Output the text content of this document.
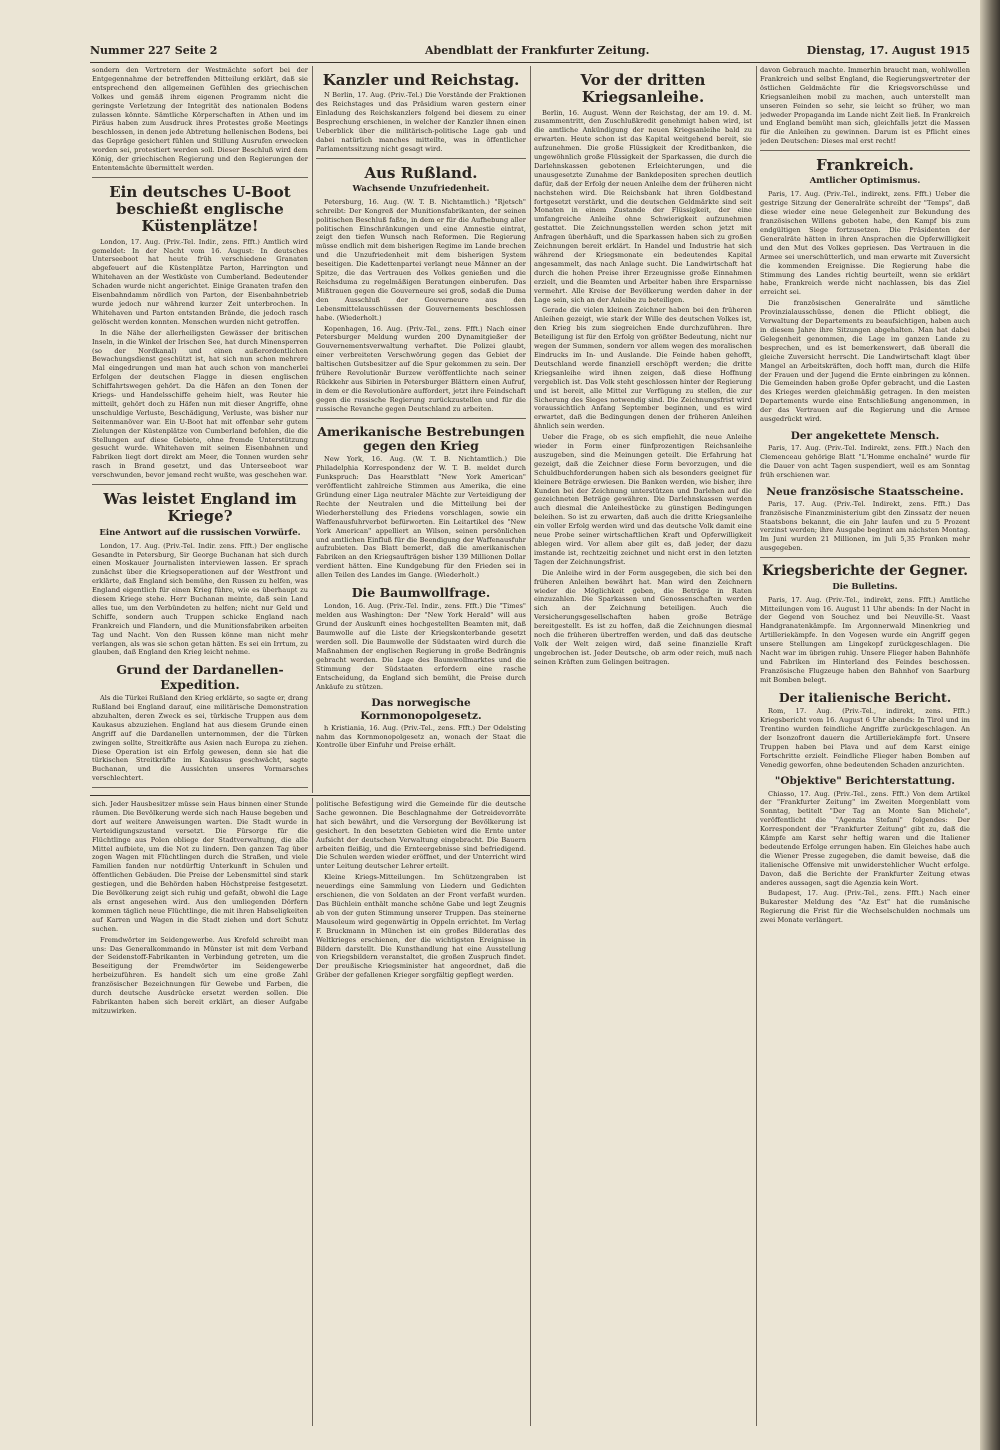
Nummer 227 Seite 2	Abendblatt der Frankfurter Zeitung.	Dienstag, 17. August 1915

sondern den Vertretern der Westmächte sofort bei der Entgegennahme der betreffenden Mitteilung erklärt, daß sie entsprechend den allgemeinen Gefühlen des griechischen Volkes und gemäß ihrem eigenen Programm nicht die geringste Verletzung der Integrität des nationalen Bodens zulassen könnte. Sämtliche Körperschaften in Athen und im Piräus haben zum Ausdruck ihres Protestes große Meetings beschlossen, in denen jede Abtretung hellenischen Bodens, bei das Gepräge gesichert fühlen und Stillung Ausrufen erwecken worden sei, protestiert werden soll. Dieser Beschluß wird dem König, der griechischen Regierung und den Regierungen der Ententemächte übermittelt werden.

Ein deutsches U-Boot beschießt englische Küstenplätze!

London, 17. Aug. (Priv.-Tel. Indir., zens. Ffft.) Amtlich wird gemeldet: In der Nacht vom 16. August: In deutsches Unterseeboot hat heute früh verschiedene Granaten abgefeuert auf die Küstenplätze Parton, Harrington und Whitehaven an der Westküste von Cumberland. Bedeutender Schaden wurde nicht angerichtet. Einige Granaten trafen den Eisenbahndamm nördlich von Parton, der Eisenbahnbetrieb wurde jedoch nur während kurzer Zeit unterbrochen. In Whitehaven und Parton entstanden Brände, die jedoch rasch gelöscht werden konnten. Menschen wurden nicht getroffen.

In die Nähe der allerheiligsten Gewässer der britischen Inseln, in die Winkel der Irischen See, hat durch Minensperren (so der Nordkanal) und einen außerordentlichen Bewachungsdienst geschützt ist, hat sich nun schon mehrere Mal eingedrungen und man hat auch schon von mancherlei Erfolgen der deutschen Flagge in diesen englischen Schiffahrtswegen gehört. Da die Häfen an den Tonen der Kriegs- und Handelsschiffe geheim hielt, was Reuter hie mitteilt, gehört doch zu Häfen nun mit dieser Angriffe, ohne unschuldige Verluste, Beschädigung, Verluste, was bisher nur Seitenmanöver war. Ein U-Boot hat mit offenbar sehr gutem Zielungen der Küstenplätze von Cumberland befohlen, die die Stellungen auf diese Gebiete, ohne fremde Unterstützung gesucht wurde. Whitehaven mit seinen Eisenbahnen und Fabriken liegt dort direkt am Meer, die Tonnen wurden sehr rasch in Brand gesetzt, und das Unterseeboot war verschwunden, bevor jemand recht wußte, was geschehen war.

Was leistet England im Kriege?
Eine Antwort auf die russischen Vorwürfe.

London, 17. Aug. (Priv.-Tel. Indir. zens. Ffft.) Der englische Gesandte in Petersburg, Sir George Buchanan hat sich durch einen Moskauer Journalisten interviewen lassen. Er sprach zunächst über die Kriegsoperationen auf der Westfront und erklärte, daß England sich bemühe, den Russen zu helfen, was England eigentlich für einen Krieg führe, wie es überhaupt zu diesem Kriege stehe. Herr Buchanan meinte, daß sein Land alles tue, um den Verbündeten zu helfen; nicht nur Geld und Schiffe, sondern auch Truppen schicke England nach Frankreich und Flandern, und die Munitionsfabriken arbeiten Tag und Nacht. Von den Russen könne man nicht mehr verlangen, als was sie schon getan hätten. Es sei ein Irrtum, zu glauben, daß England den Krieg leicht nehme.

Grund der Dardanellen-Expedition.

Als die Türkei Rußland den Krieg erklärte, so sagte er, drang Rußland bei England darauf, eine militärische Demonstration abzuhalten, deren Zweck es sei, türkische Truppen aus dem Kaukasus abzuziehen. England hat aus diesem Grunde einen Angriff auf die Dardanellen unternommen, der die Türken zwingen sollte, Streitkräfte aus Asien nach Europa zu ziehen. Diese Operation ist ein Erfolg gewesen, denn sie hat die türkischen Streitkräfte im Kaukasus geschwächt, sagte Buchanan, und die Aussichten unseres Vormarsches verschlechtert.

Kanzler und Reichstag.

N Berlin, 17. Aug. (Priv.-Tel.) Die Vorstände der Fraktionen des Reichstages und das Präsidium waren gestern einer Einladung des Reichskanzlers folgend bei diesem zu einer Besprechung erschienen, in welcher der Kanzler ihnen einen Ueberblick über die militärisch-politische Lage gab und dabei natürlich manches mitteilte, was in öffentlicher Parlamentssitzung nicht gesagt wird.

Aus Rußland.
Wachsende Unzufriedenheit.

Petersburg, 16. Aug. (W. T. B. Nichtamtlich.) "Rjetsch" schreibt: Der Kongreß der Munitionsfabrikanten, der seinen politischen Beschluß faßte, in dem er für die Aufhebung aller politischen Einschränkungen und eine Amnestie eintrat, zeigt den tiefen Wunsch nach Reformen. Die Regierung müsse endlich mit dem bisherigen Regime im Lande brechen und die Unzufriedenheit mit dem bisherigen System beseitigen. Die Kadettenpartei verlangt neue Männer an der Spitze, die das Vertrauen des Volkes genießen und die Reichsduma zu regelmäßigen Beratungen einberufen. Das Mißtrauen gegen die Gouverneure sei groß, sodaß die Duma den Ausschluß der Gouverneure aus den Lebensmittelausschüssen der Gouvernements beschlossen habe. (Wiederholt.)

Kopenhagen, 16. Aug. (Priv.-Tel., zens. Ffft.) Nach einer Petersburger Meldung wurden 200 Dynamitgießer der Gouvernementsverwaltung verhaftet. Die Polizei glaubt, einer verbreiteten Verschwörung gegen das Gebiet der baltischen Gutsbesitzer auf die Spur gekommen zu sein. Der frühere Revolutionär Burzew veröffentlichte nach seiner Rückkehr aus Sibirien in Petersburger Blättern einen Aufruf, in dem er die Revolutionäre auffordert, jetzt ihre Feindschaft gegen die russische Regierung zurückzustellen und für die russische Revanche gegen Deutschland zu arbeiten.

Amerikanische Bestrebungen gegen den Krieg

New York, 16. Aug. (W. T. B. Nichtamtlich.) Die Philadelphia Korrespondenz der W. T. B. meldet durch Funkspruch: Das Hearstblatt "New York American" veröffentlicht zahlreiche Stimmen aus Amerika, die eine Gründung einer Liga neutraler Mächte zur Verteidigung der Rechte der Neutralen und die Mitteilung bei der Wiederherstellung des Friedens vorschlagen, sowie ein Waffenausfuhrverbot befürworten. Ein Leitartikel des "New York American" appelliert an Wilson, seinen persönlichen und amtlichen Einfluß für die Beendigung der Waffenausfuhr aufzubieten. Das Blatt bemerkt, daß die amerikanischen Fabriken an den Kriegsaufträgen bisher 139 Millionen Dollar verdient hätten. Eine Kundgebung für den Frieden sei in allen Teilen des Landes im Gange. (Wiederholt.)

Die Baumwollfrage.

London, 16. Aug. (Priv.-Tel. Indir., zens. Ffft.) Die "Times" melden aus Washington: Der "New York Herald" will aus Grund der Auskunft eines hochgestellten Beamten mit, daß Baumwolle auf die Liste der Kriegskonterbande gesetzt werden soll. Die Baumwolle der Südstaaten wird durch die Maßnahmen der englischen Regierung in große Bedrängnis gebracht werden. Die Lage des Baumwollmarktes und die Stimmung der Südstaaten erfordern eine rasche Entscheidung, da England sich bemüht, die Preise durch Ankäufe zu stützen.

Das norwegische Kornmonopolgesetz.

h Kristiania, 16. Aug. (Priv.-Tel., zens. Ffft.) Der Odelsting nahm das Kornmonopolgesetz an, wonach der Staat die Kontrolle über Einfuhr und Preise erhält.

Vor der dritten Kriegsanleihe.

Berlin, 16. August. Wenn der Reichstag, der am 19. d. M. zusammentritt, den Zuschlußkredit genehmigt haben wird, ist die amtliche Ankündigung der neuen Kriegsanleihe bald zu erwarten. Heute schon ist das Kapital weitgehend bereit, sie aufzunehmen. Die große Flüssigkeit der Kreditbanken, die ungewöhnlich große Flüssigkeit der Sparkassen, die durch die Darlehnskassen gebotenen Erleichterungen, und die unausgesetzte Zunahme der Bankdepositen sprechen deutlich dafür, daß der Erfolg der neuen Anleihe dem der früheren nicht nachstehen wird. Die Reichsbank hat ihren Goldbestand fortgesetzt verstärkt, und die deutschen Geldmärkte sind seit Monaten in einem Zustande der Flüssigkeit, der eine umfangreiche Anleihe ohne Schwierigkeit aufzunehmen gestattet. Die Zeichnungsstellen werden schon jetzt mit Anfragen überhäuft, und die Sparkassen haben sich zu großen Zeichnungen bereit erklärt. In Handel und Industrie hat sich während der Kriegsmonate ein bedeutendes Kapital angesammelt, das nach Anlage sucht. Die Landwirtschaft hat durch die hohen Preise ihrer Erzeugnisse große Einnahmen erzielt, und die Beamten und Arbeiter haben ihre Ersparnisse vermehrt. Alle Kreise der Bevölkerung werden daher in der Lage sein, sich an der Anleihe zu beteiligen.

Gerade die vielen kleinen Zeichner haben bei den früheren Anleihen gezeigt, wie stark der Wille des deutschen Volkes ist, den Krieg bis zum siegreichen Ende durchzuführen. Ihre Beteiligung ist für den Erfolg von größter Bedeutung, nicht nur wegen der Summen, sondern vor allem wegen des moralischen Eindrucks im In- und Auslande. Die Feinde haben gehofft, Deutschland werde finanziell erschöpft werden; die dritte Kriegsanleihe wird ihnen zeigen, daß diese Hoffnung vergeblich ist. Das Volk steht geschlossen hinter der Regierung und ist bereit, alle Mittel zur Verfügung zu stellen, die zur Sicherung des Sieges notwendig sind. Die Zeichnungsfrist wird voraussichtlich Anfang September beginnen, und es wird erwartet, daß die Bedingungen denen der früheren Anleihen ähnlich sein werden.

Ueber die Frage, ob es sich empfiehlt, die neue Anleihe wieder in Form einer fünfprozentigen Reichsanleihe auszugeben, sind die Meinungen geteilt. Die Erfahrung hat gezeigt, daß die Zeichner diese Form bevorzugen, und die Schuldbuchforderungen haben sich als besonders geeignet für kleinere Beträge erwiesen. Die Banken werden, wie bisher, ihre Kunden bei der Zeichnung unterstützen und Darlehen auf die gezeichneten Beträge gewähren. Die Darlehnskassen werden auch diesmal die Anleihestücke zu günstigen Bedingungen beleihen. So ist zu erwarten, daß auch die dritte Kriegsanleihe ein voller Erfolg werden wird und das deutsche Volk damit eine neue Probe seiner wirtschaftlichen Kraft und Opferwilligkeit ablegen wird. Vor allem aber gilt es, daß jeder, der dazu imstande ist, rechtzeitig zeichnet und nicht erst in den letzten Tagen der Zeichnungsfrist.

Die Anleihe wird in der Form ausgegeben, die sich bei den früheren Anleihen bewährt hat. Man wird den Zeichnern wieder die Möglichkeit geben, die Beträge in Raten einzuzahlen. Die Sparkassen und Genossenschaften werden sich an der Zeichnung beteiligen. Auch die Versicherungsgesellschaften haben große Beträge bereitgestellt. Es ist zu hoffen, daß die Zeichnungen diesmal noch die früheren übertreffen werden, und daß das deutsche Volk der Welt zeigen wird, daß seine finanzielle Kraft ungebrochen ist. Jeder Deutsche, ob arm oder reich, muß nach seinen Kräften zum Gelingen beitragen.

davon Gebrauch machte. Immerhin braucht man, wohlwollen Frankreich und selbst England, die Regierungsvertreter der östlichen Geldmächte für die Kriegsvorschüsse und Kriegsanleihen mobil zu machen, auch unterstellt man unseren Feinden so sehr, sie leicht so früher, wo man jedweder Propaganda im Lande nicht Zeit ließ. In Frankreich und England bemüht man sich, gleichfalls jetzt die Massen für die Anleihen zu gewinnen. Darum ist es Pflicht eines jeden Deutschen: Dieses mal erst recht!

Frankreich.
Amtlicher Optimismus.

Paris, 17. Aug. (Priv.-Tel., indirekt, zens. Ffft.) Ueber die gestrige Sitzung der Generalräte schreibt der "Temps", daß diese wieder eine neue Gelegenheit zur Bekundung des französischen Willens geboten habe, den Kampf bis zum endgültigen Siege fortzusetzen. Die Präsidenten der Generalräte hätten in ihren Ansprachen die Opferwilligkeit und den Mut des Volkes gepriesen. Das Vertrauen in die Armee sei unerschütterlich, und man erwarte mit Zuversicht die kommenden Ereignisse. Die Regierung habe die Stimmung des Landes richtig beurteilt, wenn sie erklärt habe, Frankreich werde nicht nachlassen, bis das Ziel erreicht sei.

Die französischen Generalräte und sämtliche Provinzialausschüsse, denen die Pflicht obliegt, die Verwaltung der Departements zu beaufsichtigen, haben auch in diesem Jahre ihre Sitzungen abgehalten. Man hat dabei Gelegenheit genommen, die Lage im ganzen Lande zu besprechen, und es ist bemerkenswert, daß überall die gleiche Zuversicht herrscht. Die Landwirtschaft klagt über Mangel an Arbeitskräften, doch hofft man, durch die Hilfe der Frauen und der Jugend die Ernte einbringen zu können. Die Gemeinden haben große Opfer gebracht, und die Lasten des Krieges werden gleichmäßig getragen. In den meisten Departements wurde eine Entschließung angenommen, in der das Vertrauen auf die Regierung und die Armee ausgedrückt wird.

Der angekettete Mensch.

Paris, 17. Aug. (Priv.-Tel. Indirekt, zens. Ffft.) Nach den Clemenceau gehörige Blatt "L'Homme enchaîné" wurde für die Dauer von acht Tagen suspendiert, weil es am Sonntag früh erschienen war.

Neue französische Staatsscheine.

Paris, 17. Aug. (Priv.-Tel. Indirekt, zens. Ffft.) Das französische Finanzministerium gibt den Zinssatz der neuen Staatsbons bekannt, die ein Jahr laufen und zu 5 Prozent verzinst werden; ihre Ausgabe beginnt am nächsten Montag. Im Juni wurden 21 Millionen, im Juli 5,35 Franken mehr ausgegeben.

Kriegsberichte der Gegner.
Die Bulletins.

Paris, 17. Aug. (Priv.-Tel., indirekt, zens. Ffft.) Amtliche Mitteilungen vom 16. August 11 Uhr abends: In der Nacht in der Gegend von Souchez und bei Neuville-St. Vaast Handgranatenkämpfe. Im Argonnerwald Minenkrieg und Artilleriekämpfe. In den Vogesen wurde ein Angriff gegen unsere Stellungen am Lingekopf zurückgeschlagen. Die Nacht war im übrigen ruhig. Unsere Flieger haben Bahnhöfe und Fabriken im Hinterland des Feindes beschossen. Französische Flugzeuge haben den Bahnhof von Saarburg mit Bomben belegt.

Der italienische Bericht.

Rom, 17. Aug. (Priv.-Tel., indirekt, zens. Ffft.) Kriegsbericht vom 16. August 6 Uhr abends: In Tirol und im Trentino wurden feindliche Angriffe zurückgeschlagen. An der Isonzofront dauern die Artilleriekämpfe fort. Unsere Truppen haben bei Plava und auf dem Karst einige Fortschritte erzielt. Feindliche Flieger haben Bomben auf Venedig geworfen, ohne bedeutenden Schaden anzurichten.

"Objektive" Berichterstattung.

Chiasso, 17. Aug. (Priv.-Tel., zens. Ffft.) Von dem Artikel der "Frankfurter Zeitung" im Zweiten Morgenblatt vom Sonntag, betitelt "Der Tag an Monte San Michele", veröffentlicht die "Agenzia Stefani" folgendes: Der Korrespondent der "Frankfurter Zeitung" gibt zu, daß die Kämpfe am Karst sehr heftig waren und die Italiener bedeutende Erfolge errungen haben. Ein Gleiches habe auch die Wiener Presse zugegeben, die damit beweise, daß die italienische Offensive mit unwiderstehlicher Wucht erfolge. Davon, daß die Berichte der Frankfurter Zeitung etwas anderes aussagen, sagt die Agenzia kein Wort.

Budapest, 17. Aug. (Priv.-Tel., zens. Ffft.) Nach einer Bukarester Meldung des "Az Est" hat die rumänische Regierung die Frist für die Wechselschulden nochmals um zwei Monate verlängert.

sich. Jeder Hausbesitzer müsse sein Haus binnen einer Stunde räumen. Die Bevölkerung werde sich nach Hause begeben und dort auf weitere Anweisungen warten. Die Stadt wurde in Verteidigungszustand versetzt. Die Fürsorge für die Flüchtlinge aus Polen obliege der Stadtverwaltung, die alle Mittel aufbiete, um die Not zu lindern. Den ganzen Tag über zogen Wagen mit Flüchtlingen durch die Straßen, und viele Familien fanden nur notdürftig Unterkunft in Schulen und öffentlichen Gebäuden. Die Preise der Lebensmittel sind stark gestiegen, und die Behörden haben Höchstpreise festgesetzt. Die Bevölkerung zeigt sich ruhig und gefaßt, obwohl die Lage als ernst angesehen wird. Aus den umliegenden Dörfern kommen täglich neue Flüchtlinge, die mit ihren Habseligkeiten auf Karren und Wagen in die Stadt ziehen und dort Schutz suchen.

Fremdwörter im Seidengewerbe. Aus Krefeld schreibt man uns: Das Generalkommando in Münster ist mit dem Verband der Seidenstoff-Fabrikanten in Verbindung getreten, um die Beseitigung der Fremdwörter im Seidengewerbe herbeizuführen. Es handelt sich um eine große Zahl französischer Bezeichnungen für Gewebe und Farben, die durch deutsche Ausdrücke ersetzt werden sollen. Die Fabrikanten haben sich bereit erklärt, an dieser Aufgabe mitzuwirken.

politische Befestigung wird die Gemeinde für die deutsche Sache gewonnen. Die Beschlagnahme der Getreidevorräte hat sich bewährt, und die Versorgung der Bevölkerung ist gesichert. In den besetzten Gebieten wird die Ernte unter Aufsicht der deutschen Verwaltung eingebracht. Die Bauern arbeiten fleißig, und die Ernteergebnisse sind befriedigend. Die Schulen werden wieder eröffnet, und der Unterricht wird unter Leitung deutscher Lehrer erteilt.

Kleine Kriegs-Mitteilungen. Im Schützengraben ist neuerdings eine Sammlung von Liedern und Gedichten erschienen, die von Soldaten an der Front verfaßt wurden. Das Büchlein enthält manche schöne Gabe und legt Zeugnis ab von der guten Stimmung unserer Truppen. Das steinerne Mausoleum wird gegenwärtig in Oppeln errichtet. Im Verlag F. Bruckmann in München ist ein großes Bilderatlas des Weltkrieges erschienen, der die wichtigsten Ereignisse in Bildern darstellt. Die Kunsthandlung hat eine Ausstellung von Kriegsbildern veranstaltet, die großen Zuspruch findet. Der preußische Kriegsminister hat angeordnet, daß die Gräber der gefallenen Krieger sorgfältig gepflegt werden.
